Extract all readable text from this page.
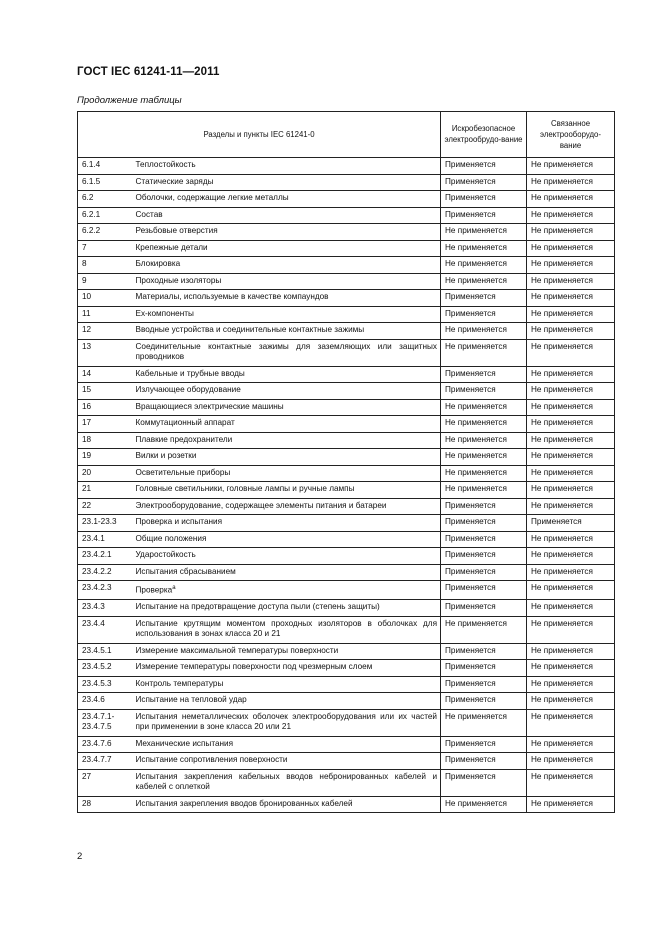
ГОСТ IEC 61241-11—2011
Продолжение таблицы
Разделы и пункты IEC 61241-0		Искробезопасное электрообрудо-вание	Связанное электрооборудо-вание
6.1.4	Теплостойкость	Применяется	Не применяется
6.1.5	Статические заряды	Применяется	Не применяется
6.2	Оболочки, содержащие легкие металлы	Применяется	Не применяется
6.2.1	Состав	Применяется	Не применяется
6.2.2	Резьбовые отверстия	Не применяется	Не применяется
7	Крепежные детали	Не применяется	Не применяется
8	Блокировка	Не применяется	Не применяется
9	Проходные изоляторы	Не применяется	Не применяется
10	Материалы, используемые в качестве компаундов	Применяется	Не применяется
11	Ex-компоненты	Применяется	Не применяется
12	Вводные устройства и соединительные контактные зажимы	Не применяется	Не применяется
13	Соединительные контактные зажимы для заземляющих или защитных проводников	Не применяется	Не применяется
14	Кабельные и трубные вводы	Применяется	Не применяется
15	Излучающее оборудование	Применяется	Не применяется
16	Вращающиеся электрические машины	Не применяется	Не применяется
17	Коммутационный аппарат	Не применяется	Не применяется
18	Плавкие предохранители	Не применяется	Не применяется
19	Вилки и розетки	Не применяется	Не применяется
20	Осветительные приборы	Не применяется	Не применяется
21	Головные светильники, головные лампы и ручные лампы	Не применяется	Не применяется
22	Электрооборудование, содержащее элементы питания и батареи	Применяется	Не применяется
23.1-23.3	Проверка и испытания	Применяется	Применяется
23.4.1	Общие положения	Применяется	Не применяется
23.4.2.1	Ударостойкость	Применяется	Не применяется
23.4.2.2	Испытания сбрасыванием	Применяется	Не применяется
23.4.2.3	Проверка$^а$	Применяется	Не применяется
23.4.3	Испытание на предотвращение доступа пыли (степень защиты)	Применяется	Не применяется
23.4.4	Испытание крутящим моментом проходных изоляторов в оболочках для использования в зонах класса 20 и 21	Не применяется	Не применяется
23.4.5.1	Измерение максимальной температуры поверхности	Применяется	Не применяется
23.4.5.2	Измерение температуры поверхности под чрезмерным слоем	Применяется	Не применяется
23.4.5.3	Контроль температуры	Применяется	Не применяется
23.4.6	Испытание на тепловой удар	Применяется	Не применяется
23.4.7.1-23.4.7.5	Испытания неметаллических оболочек электрооборудования или их частей при применении в зоне класса 20 или 21	Не применяется	Не применяется
23.4.7.6	Механические испытания	Применяется	Не применяется
23.4.7.7	Испытание сопротивления поверхности	Применяется	Не применяется
27	Испытания закрепления кабельных вводов небронированных кабелей и кабелей с оплеткой	Применяется	Не применяется
28	Испытания закрепления вводов бронированных кабелей	Не применяется	Не применяется
2
